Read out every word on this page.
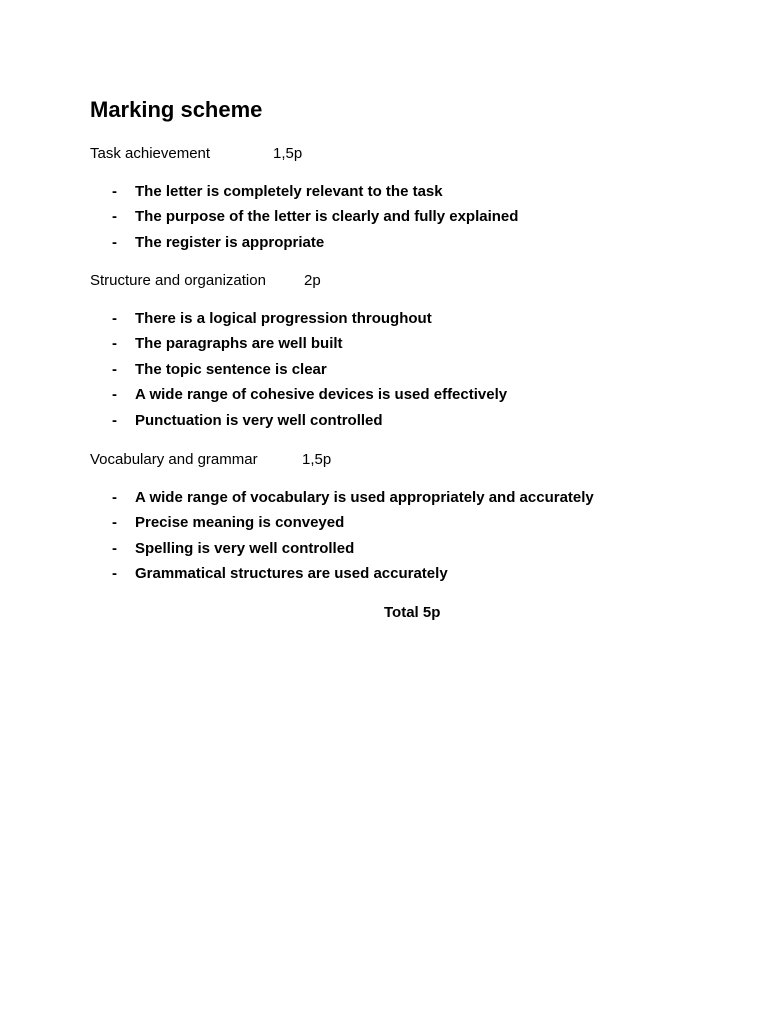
Marking scheme
Task achievement	1,5p
- The letter is completely relevant to the task
- The purpose of the letter is clearly and fully explained
- The register is appropriate
Structure and organization	2p
- There is a logical progression throughout
- The paragraphs are well built
- The topic sentence is clear
- A wide range of cohesive devices is used effectively
- Punctuation is very well controlled
Vocabulary and grammar	1,5p
- A wide range of vocabulary is used appropriately and accurately
- Precise meaning is conveyed
- Spelling is very well controlled
- Grammatical structures are used accurately
Total 5p
